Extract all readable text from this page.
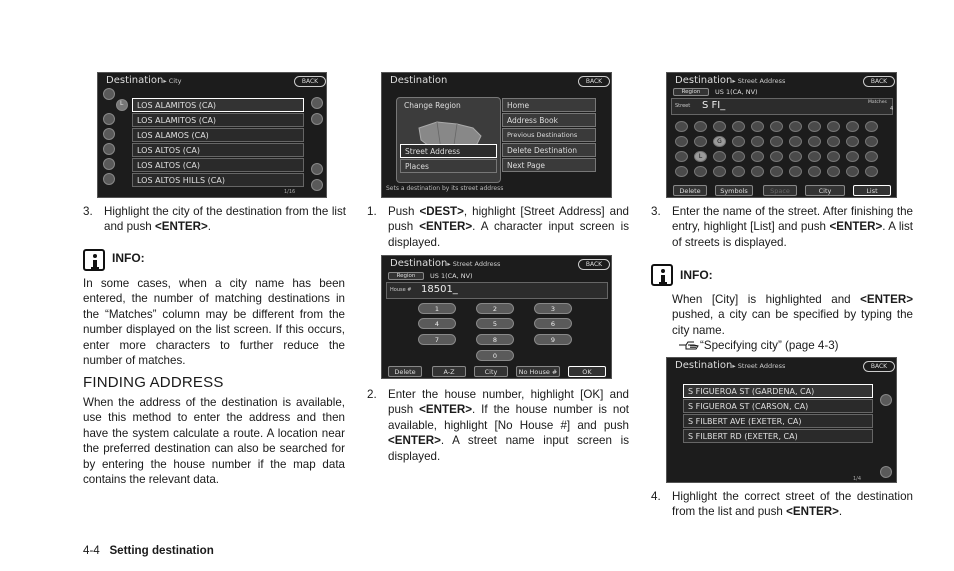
Destination▸ City	BACK
L	LOS ALAMITOS (CA)
LOS ALAMITOS (CA)
LOS ALAMOS (CA)
LOS ALTOS (CA)
LOS ALTOS (CA)
LOS ALTOS HILLS (CA)
1/16
3. Highlight the city of the destination from the list and push <ENTER>.
INFO:
In some cases, when a city name has been entered, the number of matching destinations in the “Matches” column may be different from the number displayed on the list screen. If this occurs, enter more characters to further reduce the number of matches.
FINDING ADDRESS
When the address of the destination is available, use this method to enter the address and then have the system calculate a route. A location near the preferred destination can also be searched for by entering the house number if the map data contains the relevant data.
Destination	BACK
Change Region
Street Address
Places
Home
Address Book
Previous Destinations
Delete Destination
Next Page
Sets a destination by its street address
1. Push <DEST>, highlight [Street Address] and push <ENTER>. A character input screen is displayed.
Destination▸ Street Address	BACK
Region	US 1(CA, NV)
House # 18501_
1	2	3
4	5	6
7	8	9
0
Delete	A-Z	City	No House #	OK
2. Enter the house number, highlight [OK] and push <ENTER>. If the house number is not available, highlight [No House #] and push <ENTER>. A street name input screen is displayed.
Destination▸ Street Address	BACK
Region	US 1(CA, NV)
Street S FI_	Matches
4
G
L
Delete	Symbols	Space	City	List
3. Enter the name of the street. After finishing the entry, highlight [List] and push <ENTER>. A list of streets is displayed.
INFO:
When [City] is highlighted and <ENTER> pushed, a city can be specified by typing the city name.
“Specifying city” (page 4-3)
Destination▸ Street Address	BACK
S FIGUEROA ST (GARDENA, CA)
S FIGUEROA ST (CARSON, CA)
S FILBERT AVE (EXETER, CA)
S FILBERT RD (EXETER, CA)
1/4
4. Highlight the correct street of the destination from the list and push <ENTER>.
4-4 Setting destination
